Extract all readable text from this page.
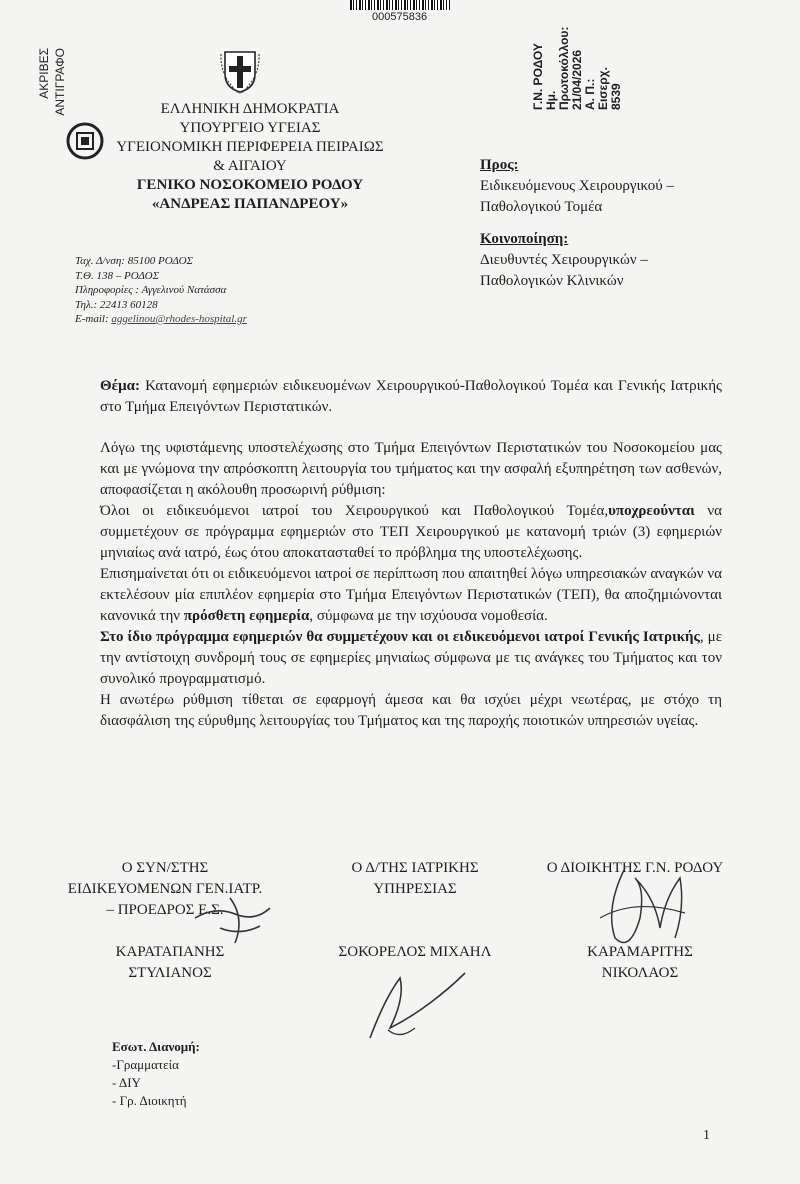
000575836
ΑΚΡΙΒΕΣ ΑΝΤΙΓΡΑΦΟ	Γ.Ν. ΡΟΔΟΥ Ημ. Πρωτοκόλλου: 21/04/2026 Α. Π.: Εισερχ. 8539
ΕΛΛΗΝΙΚΗ ΔΗΜΟΚΡΑΤΙΑ
ΥΠΟΥΡΓΕΙΟ ΥΓΕΙΑΣ
ΥΓΕΙΟΝΟΜΙΚΗ ΠΕΡΙΦΕΡΕΙΑ ΠΕΙΡΑΙΩΣ
& ΑΙΓΑΙΟΥ
ΓΕΝΙΚΟ ΝΟΣΟΚΟΜΕΙΟ ΡΟΔΟΥ
«ΑΝΔΡΕΑΣ ΠΑΠΑΝΔΡΕΟΥ»
Ταχ. Δ/νση: 85100 ΡΟΔΟΣ
Τ.Θ. 138 – ΡΟΔΟΣ
Πληροφορίες : Αγγελινού Νατάσσα
Τηλ.: 22413 60128
E-mail: aggelinou@rhodes-hospital.gr
Προς:
Ειδικευόμενους Χειρουργικού –
Παθολογικού Τομέα
Κοινοποίηση:
Διευθυντές Χειρουργικών –
Παθολογικών Κλινικών

Θέμα: Κατανομή εφημεριών ειδικευομένων Χειρουργικού-Παθολογικού Τομέα και Γενικής Ιατρικής στο Τμήμα Επειγόντων Περιστατικών.

Λόγω της υφιστάμενης υποστελέχωσης στο Τμήμα Επειγόντων Περιστατικών του Νοσοκομείου μας και με γνώμονα την απρόσκοπτη λειτουργία του τμήματος και την ασφαλή εξυπηρέτηση των ασθενών, αποφασίζεται η ακόλουθη προσωρινή ρύθμιση:

Όλοι οι ειδικευόμενοι ιατροί του Χειρουργικού και Παθολογικού Τομέα,υποχρεούνται να συμμετέχουν σε πρόγραμμα εφημεριών στο ΤΕΠ Χειρουργικού με κατανομή τριών (3) εφημεριών μηνιαίως ανά ιατρό, έως ότου αποκατασταθεί το πρόβλημα της υποστελέχωσης.

Επισημαίνεται ότι οι ειδικευόμενοι ιατροί σε περίπτωση που απαιτηθεί λόγω υπηρεσιακών αναγκών να εκτελέσουν μία επιπλέον εφημερία στο Τμήμα Επειγόντων Περιστατικών (ΤΕΠ), θα αποζημιώνονται κανονικά την πρόσθετη εφημερία, σύμφωνα με την ισχύουσα νομοθεσία.

Στο ίδιο πρόγραμμα εφημεριών θα συμμετέχουν και οι ειδικευόμενοι ιατροί Γενικής Ιατρικής, με την αντίστοιχη συνδρομή τους σε εφημερίες μηνιαίως σύμφωνα με τις ανάγκες του Τμήματος και τον συνολικό προγραμματισμό.

Η ανωτέρω ρύθμιση τίθεται σε εφαρμογή άμεσα και θα ισχύει μέχρι νεωτέρας, με στόχο τη διασφάλιση της εύρυθμης λειτουργίας του Τμήματος και της παροχής ποιοτικών υπηρεσιών υγείας.

Ο ΣΥΝ/ΣΤΗΣ
ΕΙΔΙΚΕΥΟΜΕΝΩΝ ΓΕΝ.ΙΑΤΡ.
– ΠΡΟΕΔΡΟΣ Ε.Σ.
ΚΑΡΑΤΑΠΑΝΗΣ
ΣΤΥΛΙΑΝΟΣ
Ο Δ/ΤΗΣ ΙΑΤΡΙΚΗΣ
ΥΠΗΡΕΣΙΑΣ
ΣΟΚΟΡΕΛΟΣ ΜΙΧΑΗΛ
Ο ΔΙΟΙΚΗΤΗΣ Γ.Ν. ΡΟΔΟΥ
ΚΑΡΑΜΑΡΙΤΗΣ
ΝΙΚΟΛΑΟΣ
Εσωτ. Διανομή:
-Γραμματεία
- ΔΙΥ
- Γρ. Διοικητή
1
